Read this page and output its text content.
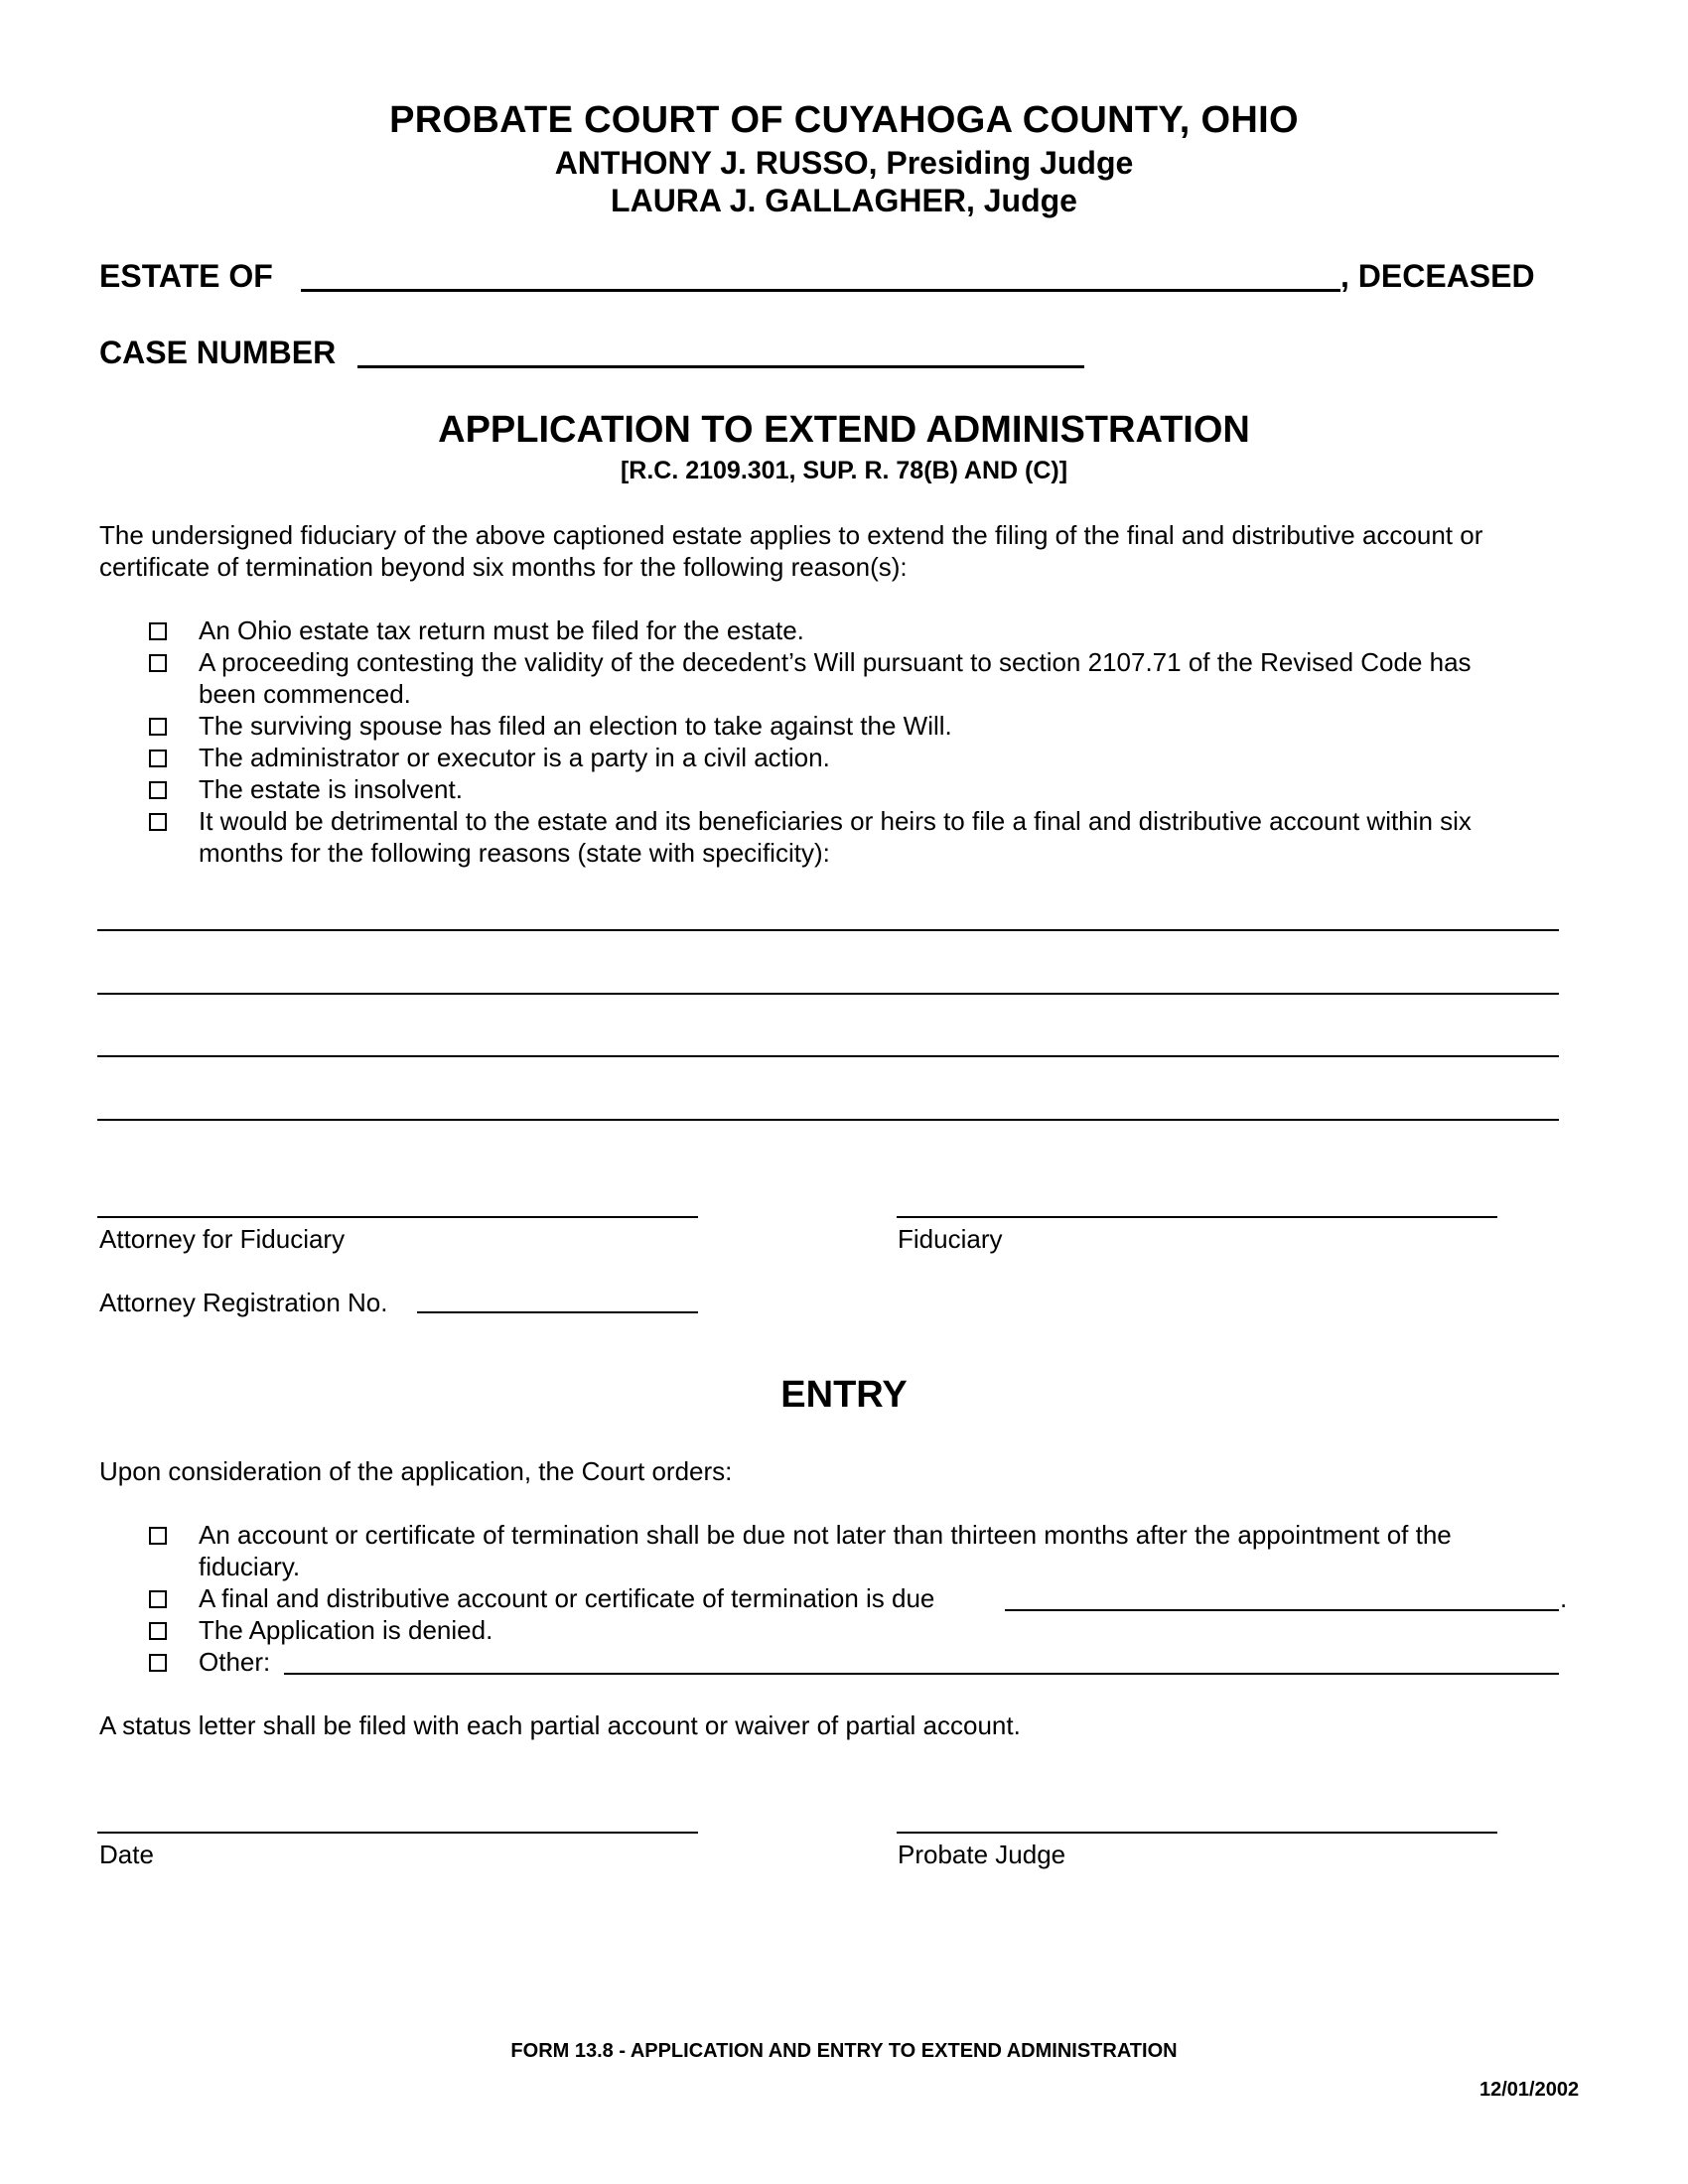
PROBATE COURT OF CUYAHOGA COUNTY, OHIO
ANTHONY J. RUSSO, Presiding Judge
LAURA J. GALLAGHER, Judge
ESTATE OF	, DECEASED
CASE NUMBER
APPLICATION TO EXTEND ADMINISTRATION
[R.C. 2109.301, SUP. R. 78(B) AND (C)]
The undersigned fiduciary of the above captioned estate applies to extend the filing of the final and distributive account or
certificate of termination beyond six months for the following reason(s):
An Ohio estate tax return must be filed for the estate.
A proceeding contesting the validity of the decedent’s Will pursuant to section 2107.71 of the Revised Code has
been commenced.
The surviving spouse has filed an election to take against the Will.
The administrator or executor is a party in a civil action.
The estate is insolvent.
It would be detrimental to the estate and its beneficiaries or heirs to file a final and distributive account within six
months for the following reasons (state with specificity):
Attorney for Fiduciary	Fiduciary
Attorney Registration No.
ENTRY
Upon consideration of the application, the Court orders:
An account or certificate of termination shall be due not later than thirteen months after the appointment of the
fiduciary.
A final and distributive account or certificate of termination is due	.
The Application is denied.
Other:
A status letter shall be filed with each partial account or waiver of partial account.
Date	Probate Judge
FORM 13.8 - APPLICATION AND ENTRY TO EXTEND ADMINISTRATION
12/01/2002
